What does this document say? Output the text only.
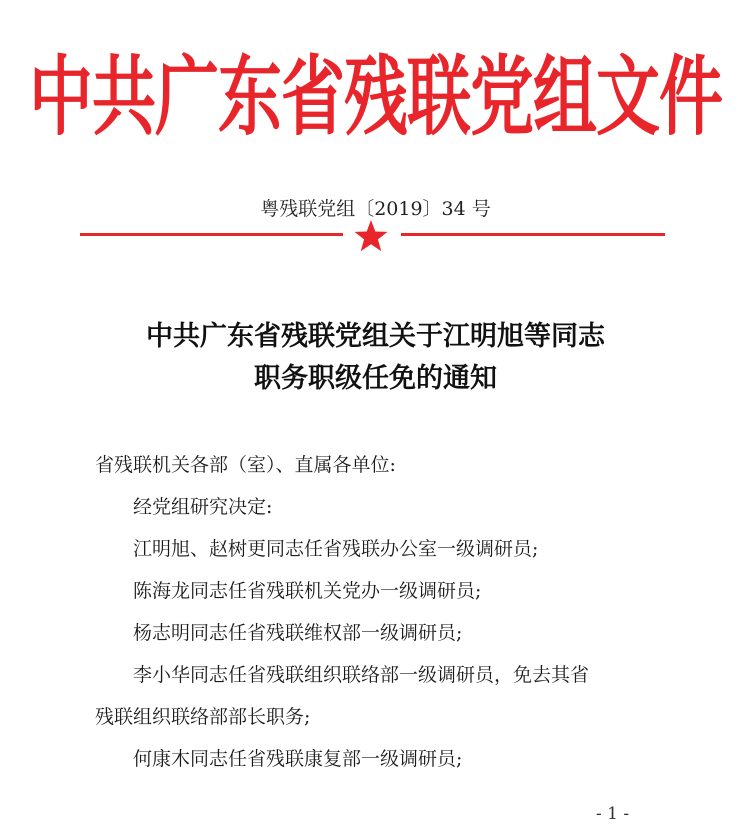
中共广东省残联党组文件
粤残联党组〔2019〕34 号
中共广东省残联党组关于江明旭等同志
职务职级任免的通知
省残联机关各部（室）、直属各单位:
经党组研究决定:
江明旭、赵树更同志任省残联办公室一级调研员;
陈海龙同志任省残联机关党办一级调研员;
杨志明同志任省残联维权部一级调研员;
李小华同志任省残联组织联络部一级调研员，免去其省
残联组织联络部部长职务;
何康木同志任省残联康复部一级调研员;
- 1 -
